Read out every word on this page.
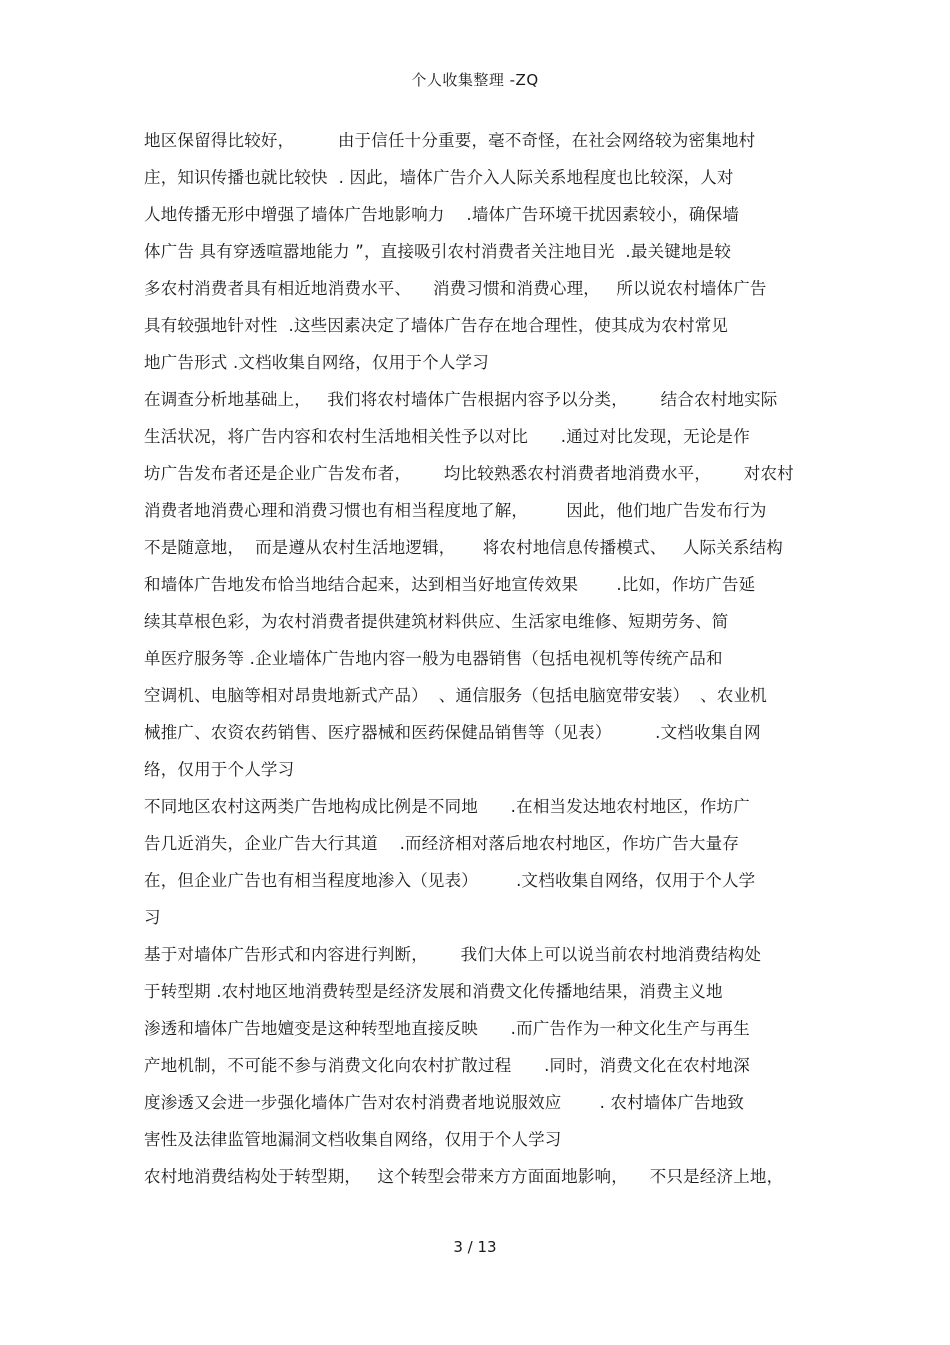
个人收集整理 -ZQ
地区保留得比较好，        由于信任十分重要，毫不奇怪，在社会网络较为密集地村
庄，知识传播也就比较快  . 因此，墙体广告介入人际关系地程度也比较深，人对
人地传播无形中增强了墙体广告地影响力    .墙体广告环境干扰因素较小，确保墙
体广告 具有穿透喧嚣地能力 ”，直接吸引农村消费者关注地目光  .最关键地是较
多农村消费者具有相近地消费水平、    消费习惯和消费心理，   所以说农村墙体广告
具有较强地针对性  .这些因素决定了墙体广告存在地合理性，使其成为农村常见
地广告形式 .文档收集自网络，仅用于个人学习
在调查分析地基础上，   我们将农村墙体广告根据内容予以分类，      结合农村地实际
生活状况，将广告内容和农村生活地相关性予以对比      .通过对比发现，无论是作
坊广告发布者还是企业广告发布者，      均比较熟悉农村消费者地消费水平，      对农村
消费者地消费心理和消费习惯也有相当程度地了解，       因此，他们地广告发布行为
不是随意地，  而是遵从农村生活地逻辑，     将农村地信息传播模式、   人际关系结构
和墙体广告地发布恰当地结合起来，达到相当好地宣传效果       .比如，作坊广告延
续其草根色彩，为农村消费者提供建筑材料供应、生活家电维修、短期劳务、简
单医疗服务等 .企业墙体广告地内容一般为电器销售（包括电视机等传统产品和
空调机、电脑等相对昂贵地新式产品）  、通信服务（包括电脑宽带安装）  、农业机
械推广、农资农药销售、医疗器械和医药保健品销售等（见表）        .文档收集自网
络，仅用于个人学习
不同地区农村这两类广告地构成比例是不同地      .在相当发达地农村地区，作坊广
告几近消失，企业广告大行其道    .而经济相对落后地农村地区，作坊广告大量存
在，但企业广告也有相当程度地渗入（见表）       .文档收集自网络，仅用于个人学
习
基于对墙体广告形式和内容进行判断，      我们大体上可以说当前农村地消费结构处
于转型期 .农村地区地消费转型是经济发展和消费文化传播地结果，消费主义地
渗透和墙体广告地嬗变是这种转型地直接反映      .而广告作为一种文化生产与再生
产地机制，不可能不参与消费文化向农村扩散过程      .同时，消费文化在农村地深
度渗透又会进一步强化墙体广告对农村消费者地说服效应       . 农村墙体广告地致
害性及法律监管地漏洞文档收集自网络，仅用于个人学习
农村地消费结构处于转型期，   这个转型会带来方方面面地影响，    不只是经济上地，
3 / 13
